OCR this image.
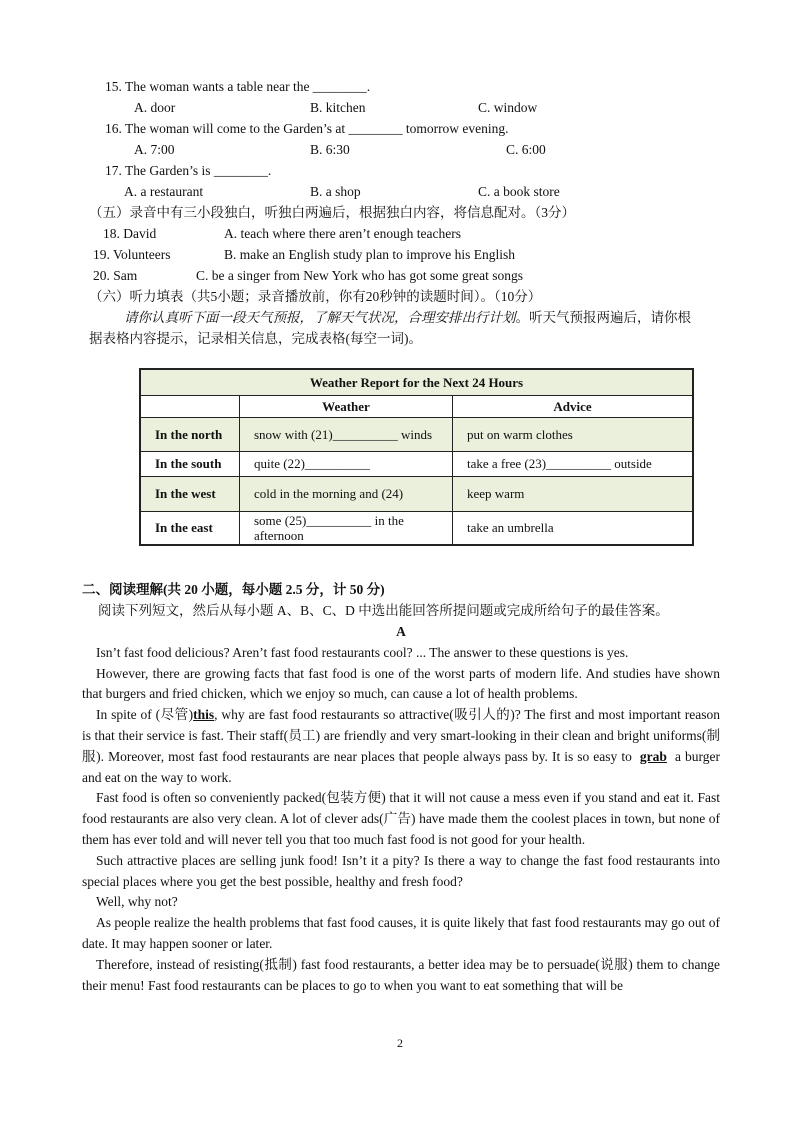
15. The woman wants a table near the ________.
A. door	B. kitchen	C. window
16. The woman will come to the Garden’s at ________ tomorrow evening.
A. 7:00	B. 6:30	C. 6:00
17. The Garden’s is ________.
A. a restaurant	B. a shop	C. a book store
（五）录音中有三小段独白，听独白两遍后，根据独白内容，将信息配对。（3分）
18. David	A. teach where there aren’t enough teachers
19. Volunteers	B. make an English study plan to improve his English
20. Sam	C. be a singer from New York who has got some great songs
（六）听力填表（共5小题；录音播放前，你有20秒钟的读题时间）。（10分）
请你认真听下面一段天气预报，了解天气状况，合理安排出行计划。听天气预报两遍后，请你根
据表格内容提示，记录相关信息，完成表格(每空一词)。
Weather Report for the Next 24 Hours		
	Weather	Advice
In the north	snow with (21)__________ winds	put on warm clothes
In the south	quite (22)__________	take a free (23)__________ outside
In the west	cold in the morning and (24)	keep warm
In the east	some (25)__________ in the afternoon	take an umbrella
二、阅读理解(共 20 小题，每小题 2.5 分，计 50 分)
阅读下列短文，然后从每小题 A、B、C、D 中选出能回答所提问题或完成所给句子的最佳答案。

A

Isn’t fast food delicious? Aren’t fast food restaurants cool? ... The answer to these questions is yes.

However, there are growing facts that fast food is one of the worst parts of modern life. And studies have shown that burgers and fried chicken, which we enjoy so much, can cause a lot of health problems.

In spite of (尽管)this, why are fast food restaurants so attractive(吸引人的)? The first and most important reason is that their service is fast. Their staff(员工) are friendly and very smart-looking in their clean and bright uniforms(制服). Moreover, most fast food restaurants are near places that people always pass by. It is so easy to grab a burger and eat on the way to work.

Fast food is often so conveniently packed(包装方便) that it will not cause a mess even if you stand and eat it. Fast food restaurants are also very clean. A lot of clever ads(广告) have made them the coolest places in town, but none of them has ever told and will never tell you that too much fast food is not good for your health.

Such attractive places are selling junk food! Isn’t it a pity? Is there a way to change the fast food restaurants into special places where you get the best possible, healthy and fresh food?

Well, why not?

As people realize the health problems that fast food causes, it is quite likely that fast food restaurants may go out of date. It may happen sooner or later.

Therefore, instead of resisting(抵制) fast food restaurants, a better idea may be to persuade(说服) them to change their menu! Fast food restaurants can be places to go to when you want to eat something that will be

2
